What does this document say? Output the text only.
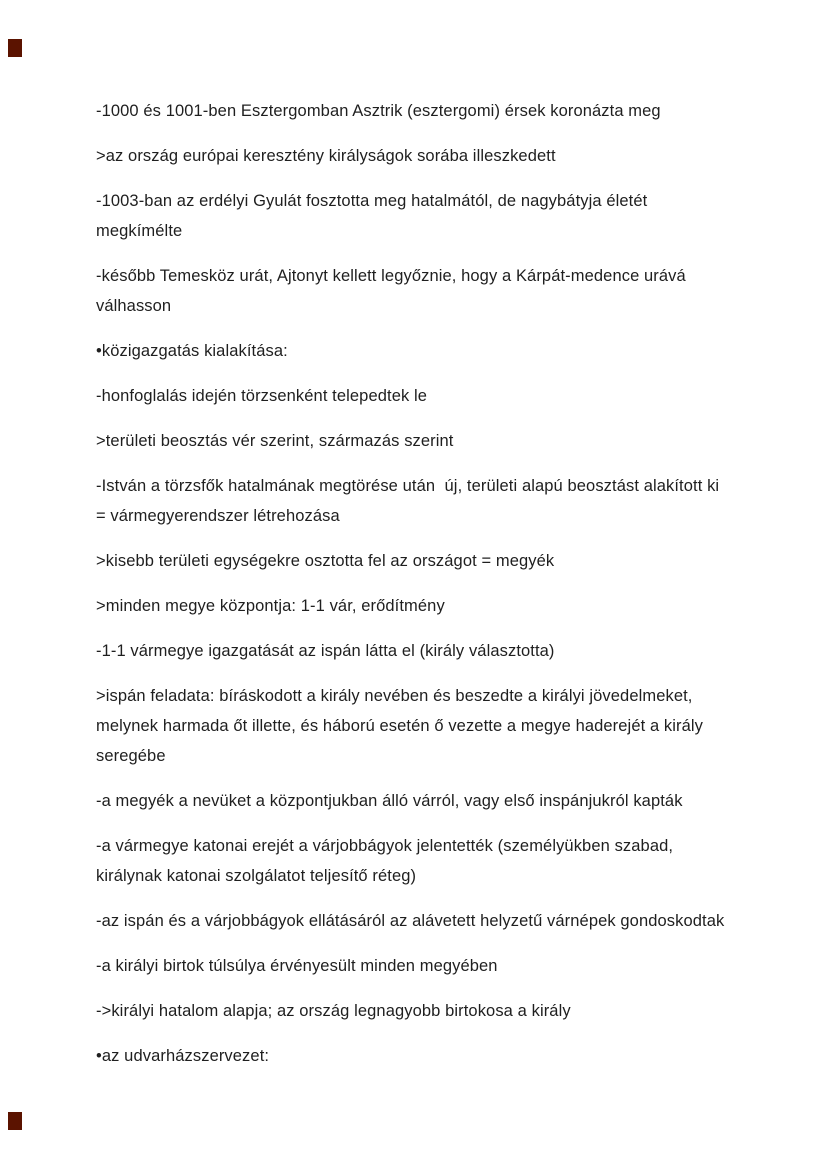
-1000 és 1001-ben Esztergomban Asztrik (esztergomi) érsek koronázta meg

>az ország európai keresztény királyságok sorába illeszkedett

-1003-ban az erdélyi Gyulát fosztotta meg hatalmától, de nagybátyja életét
megkímélte

-később Temesköz urát, Ajtonyt kellett legyőznie, hogy a Kárpát-medence urává
válhasson

•közigazgatás kialakítása:

-honfoglalás idején törzsenként telepedtek le

>területi beosztás vér szerint, származás szerint

-István a törzsfők hatalmának megtörése után  új, területi alapú beosztást alakított ki
= vármegyerendszer létrehozása

>kisebb területi egységekre osztotta fel az országot = megyék

>minden megye központja: 1-1 vár, erődítmény

-1-1 vármegye igazgatását az ispán látta el (király választotta)

>ispán feladata: bíráskodott a király nevében és beszedte a királyi jövedelmeket,
melynek harmada őt illette, és háború esetén ő vezette a megye haderejét a király
seregébe

-a megyék a nevüket a központjukban álló várról, vagy első inspánjukról kapták

-a vármegye katonai erejét a várjobbágyok jelentették (személyükben szabad,
királynak katonai szolgálatot teljesítő réteg)

-az ispán és a várjobbágyok ellátásáról az alávetett helyzetű várnépek gondoskodtak

-a királyi birtok túlsúlya érvényesült minden megyében

->királyi hatalom alapja; az ország legnagyobb birtokosa a király

•az udvarházszervezet:
